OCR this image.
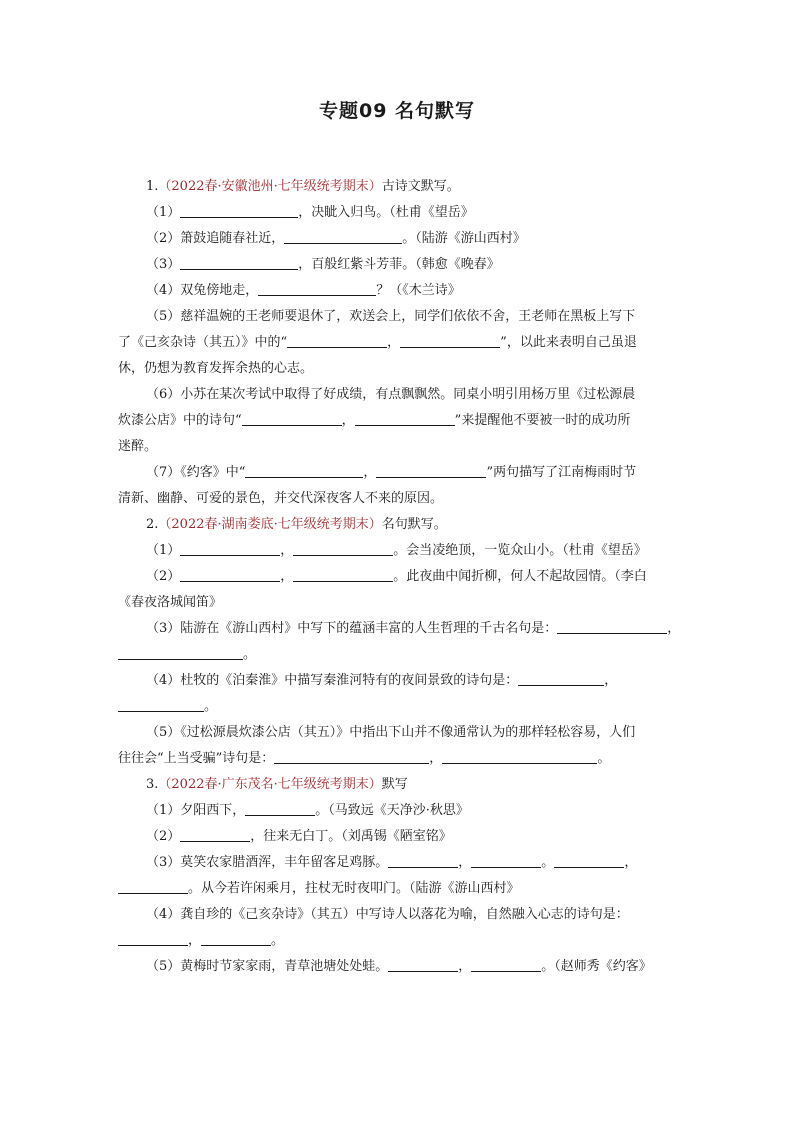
专题09 名句默写
1.（2022春·安徽池州·七年级统考期末）古诗文默写。
（1）	，决眦入归鸟。（杜甫《望岳》
（2）箫鼓追随春社近，	。（陆游《游山西村》
（3）	，百般红紫斗芳菲。（韩愈《晚春》
（4）双兔傍地走，	？（《木兰诗》
（5）慈祥温婉的王老师要退休了，欢送会上，同学们依依不舍，王老师在黑板上写下
了《己亥杂诗（其五）》中的“	，	”，以此来表明自己虽退
休，仍想为教育发挥余热的心志。
（6）小苏在某次考试中取得了好成绩，有点飘飘然。同桌小明引用杨万里《过松源晨
炊漆公店》中的诗句“	，	”来提醒他不要被一时的成功所
迷醉。
（7）《约客》中“	，	”两句描写了江南梅雨时节
清新、幽静、可爱的景色，并交代深夜客人不来的原因。
2.（2022春·湖南娄底·七年级统考期末）名句默写。
（1）	，	。会当凌绝顶，一览众山小。（杜甫《望岳》
（2）	，	。此夜曲中闻折柳，何人不起故园情。（李白
《春夜洛城闻笛》
（3）陆游在《游山西村》中写下的蕴涵丰富的人生哲理的千古名句是：	，
。
（4）杜牧的《泊秦淮》中描写秦淮河特有的夜间景致的诗句是：	，
。
（5）《过松源晨炊漆公店（其五）》中指出下山并不像通常认为的那样轻松容易，人们
往往会“上当受骗”诗句是：	，	。
3.（2022春·广东茂名·七年级统考期末）默写
（1）夕阳西下，	。（马致远《天净沙·秋思》
（2）	，往来无白丁。（刘禹锡《陋室铭》
（3）莫笑农家腊酒浑，丰年留客足鸡豚。	，	。	，
。从今若许闲乘月，拄杖无时夜叩门。（陆游《游山西村》
（4）龚自珍的《己亥杂诗》（其五）中写诗人以落花为喻，自然融入心志的诗句是：
，	。
（5）黄梅时节家家雨，青草池塘处处蛙。	，	。（赵师秀《约客》
